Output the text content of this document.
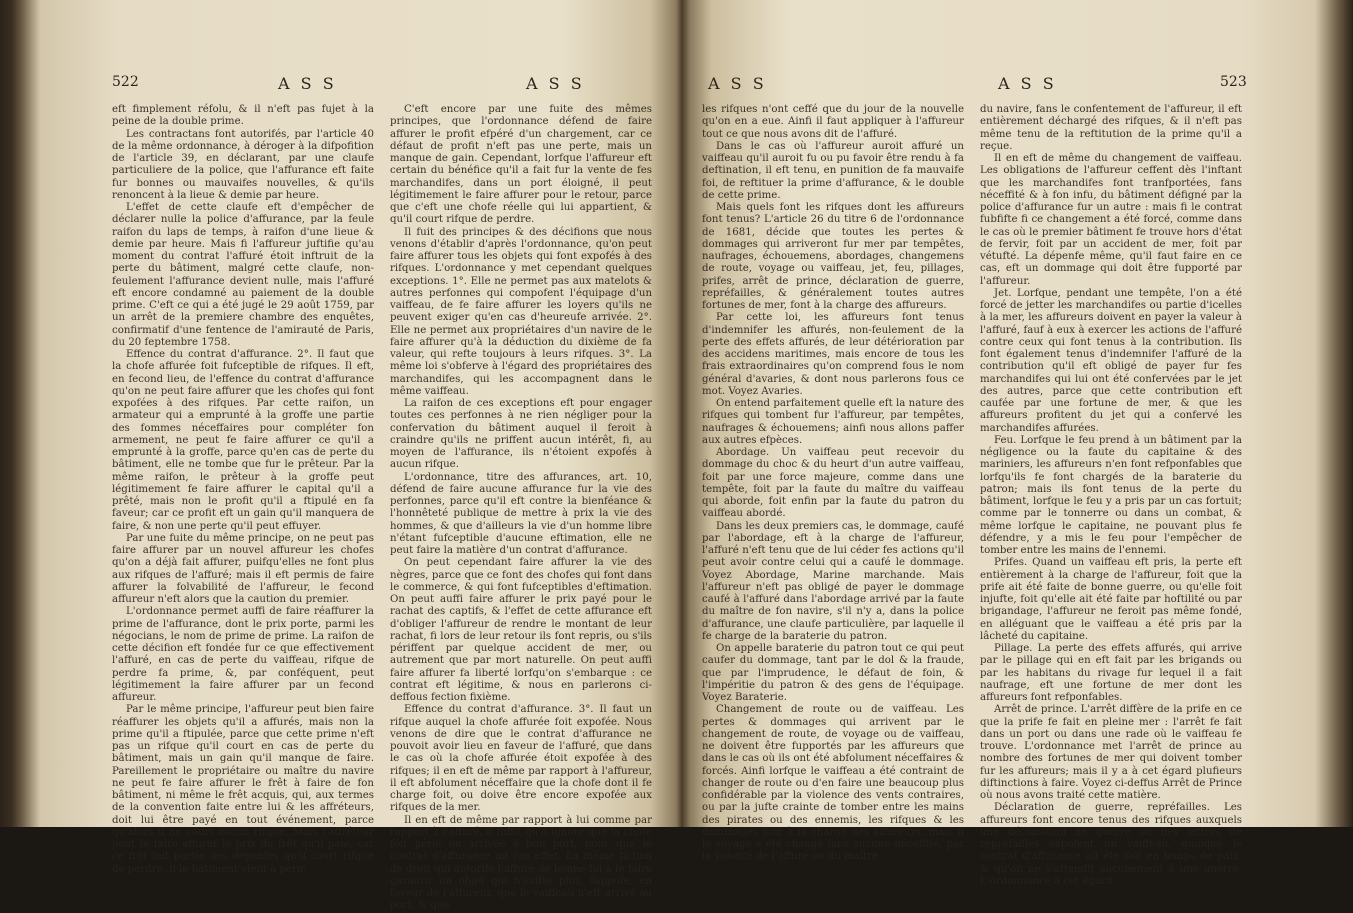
522	A S S	A S S

eft fimplement réfolu, & il n'eft pas fujet à la peine de la double prime.

Les contractans font autorifés, par l'article 40 de la même ordonnance, à déroger à la difpofition de l'article 39, en déclarant, par une claufe particuliere de la police, que l'affurance eft faite fur bonnes ou mauvaifes nouvelles, & qu'ils renoncent à la lieue & demie par heure.

L'effet de cette claufe eft d'empêcher de déclarer nulle la police d'affurance, par la feule raifon du laps de temps, à raifon d'une lieue & demie par heure. Mais fi l'affureur juftifie qu'au moment du contrat l'affuré étoit inftruit de la perte du bâtiment, malgré cette claufe, non-feulement l'affurance devient nulle, mais l'affuré eft encore condamné au paiement de la double prime. C'eft ce qui a été jugé le 29 août 1759, par un arrêt de la premiere chambre des enquêtes, confirmatif d'une fentence de l'amirauté de Paris, du 20 feptembre 1758.

Effence du contrat d'affurance. 2°. Il faut que la chofe affurée foit fufceptible de rifques. Il eft, en fecond lieu, de l'effence du contrat d'affurance qu'on ne peut faire affurer que les chofes qui font expofées à des rifques. Par cette raifon, un armateur qui a emprunté à la groffe une partie des fommes néceffaires pour compléter fon armement, ne peut fe faire affurer ce qu'il a emprunté à la groffe, parce qu'en cas de perte du bâtiment, elle ne tombe que fur le prêteur. Par la même raifon, le prêteur à la groffe peut légitimement fe faire affurer le capital qu'il a prêté, mais non le profit qu'il a ftipulé en fa faveur; car ce profit eft un gain qu'il manquera de faire, & non une perte qu'il peut effuyer.

Par une fuite du même principe, on ne peut pas faire affurer par un nouvel affureur les chofes qu'on a déjà fait affurer, puifqu'elles ne font plus aux rifques de l'affuré; mais il eft permis de faire affurer la folvabilité de l'affureur, le fecond affureur n'eft alors que la caution du premier.

L'ordonnance permet auffi de faire réaffurer la prime de l'affurance, dont le prix porte, parmi les négocians, le nom de prime de prime. La raifon de cette décifion eft fondée fur ce que effectivement l'affuré, en cas de perte du vaiffeau, rifque de perdre fa prime, &, par conféquent, peut légitimement la faire affurer par un fecond affureur.

Par le même principe, l'affureur peut bien faire réaffurer les objets qu'il a affurés, mais non la prime qu'il a ftipulée, parce que cette prime n'eft pas un rifque qu'il court en cas de perte du bâtiment, mais un gain qu'il manque de faire. Pareillement le propriétaire ou maître du navire ne peut fe faire affurer le frêt à faire de fon bâtiment, ni même le frêt acquis, qui, aux termes de la convention faite entre lui & les affréteurs, doit lui être payé en tout événement, parce qu'alors il ne court aucun rifque. Mais l'affréteur peut fe faire affurer le prix du frêt qu'il paie, car ce frêt fait partie des dépenfes qu'il court rifque de perdre, fi le bâtiment vient à périr.

C'eft encore par une fuite des mêmes principes, que l'ordonnance défend de faire affurer le profit efpéré d'un chargement, car ce défaut de profit n'eft pas une perte, mais un manque de gain. Cependant, lorfque l'affureur eft certain du bénéfice qu'il a fait fur la vente de fes marchandifes, dans un port éloigné, il peut légitimement le faire affurer pour le retour, parce que c'eft une chofe réelle qui lui appartient, & qu'il court rifque de perdre.

Il fuit des principes & des décifions que nous venons d'établir d'après l'ordonnance, qu'on peut faire affurer tous les objets qui font expofés à des rifques. L'ordonnance y met cependant quelques exceptions. 1°. Elle ne permet pas aux matelots & autres perfonnes qui compofent l'équipage d'un vaiffeau, de fe faire affurer les loyers qu'ils ne peuvent exiger qu'en cas d'heureufe arrivée. 2°. Elle ne permet aux propriétaires d'un navire de le faire affurer qu'à la déduction du dixième de fa valeur, qui refte toujours à leurs rifques. 3°. La même loi s'obferve à l'égard des propriétaires des marchandifes, qui les accompagnent dans le même vaiffeau.

La raifon de ces exceptions eft pour engager toutes ces perfonnes à ne rien négliger pour la confervation du bâtiment auquel il feroit à craindre qu'ils ne priffent aucun intérêt, fi, au moyen de l'affurance, ils n'étoient expofés à aucun rifque.

L'ordonnance, titre des affurances, art. 10, défend de faire aucune affurance fur la vie des perfonnes, parce qu'il eft contre la bienféance & l'honnêteté publique de mettre à prix la vie des hommes, & que d'ailleurs la vie d'un homme libre n'étant fufceptible d'aucune eftimation, elle ne peut faire la matière d'un contrat d'affurance.

On peut cependant faire affurer la vie des nègres, parce que ce font des chofes qui font dans le commerce, & qui font fufceptibles d'eftimation. On peut auffi faire affurer le prix payé pour le rachat des captifs, & l'effet de cette affurance eft d'obliger l'affureur de rendre le montant de leur rachat, fi lors de leur retour ils font repris, ou s'ils périffent par quelque accident de mer, ou autrement que par mort naturelle. On peut auffi faire affurer fa liberté lorfqu'on s'embarque : ce contrat eft légitime, & nous en parlerons ci-deffous fection fixième.

Effence du contrat d'affurance. 3°. Il faut un rifque auquel la chofe affurée foit expofée. Nous venons de dire que le contrat d'affurance ne pouvoit avoir lieu en faveur de l'affuré, que dans le cas où la chofe affurée étoit expofée à des rifques; il en eft de même par rapport à l'affureur, il eft abfolument néceffaire que la chofe dont il fe charge foit, ou doive être encore expofée aux rifques de la mer.

Il en eft de même par rapport à lui comme par rapport à l'affuré, il fuffit qu'il ignore que la chofe foit périe ou arrivée à bon port, pour que le contrat d'affurance ait fon effet. La même fiction de droit qui autorife l'affuré de bonne foi à fe faire garantir un objet qui n'exifte plus, fuppofe, en faveur de l'affureur, que le vaiffeau n'eft arrivé au port, & que

A S S	A S S	523

les rifques n'ont ceffé que du jour de la nouvelle qu'on en a eue. Ainfi il faut appliquer à l'affureur tout ce que nous avons dit de l'affuré.

Dans le cas où l'affureur auroit affuré un vaiffeau qu'il auroit fu ou pu favoir être rendu à fa deftination, il eft tenu, en punition de fa mauvaife foi, de reftituer la prime d'affurance, & le double de cette prime.

Mais quels font les rifques dont les affureurs font tenus? L'article 26 du titre 6 de l'ordonnance de 1681, décide que toutes les pertes & dommages qui arriveront fur mer par tempêtes, naufrages, échouemens, abordages, changemens de route, voyage ou vaiffeau, jet, feu, pillages, prifes, arrêt de prince, déclaration de guerre, repréfailles, & généralement toutes autres fortunes de mer, font à la charge des affureurs.

Par cette loi, les affureurs font tenus d'indemnifer les affurés, non-feulement de la perte des effets affurés, de leur détérioration par des accidens maritimes, mais encore de tous les frais extraordinaires qu'on comprend fous le nom général d'avaries, & dont nous parlerons fous ce mot. Voyez Avaries.

On entend parfaitement quelle eft la nature des rifques qui tombent fur l'affureur, par tempêtes, naufrages & échouemens; ainfi nous allons paffer aux autres efpèces.

Abordage. Un vaiffeau peut recevoir du dommage du choc & du heurt d'un autre vaiffeau, foit par une force majeure, comme dans une tempête, foit par la faute du maître du vaiffeau qui aborde, foit enfin par la faute du patron du vaiffeau abordé.

Dans les deux premiers cas, le dommage, caufé par l'abordage, eft à la charge de l'affureur, l'affuré n'eft tenu que de lui céder fes actions qu'il peut avoir contre celui qui a caufé le dommage. Voyez Abordage, Marine marchande. Mais l'affureur n'eft pas obligé de payer le dommage caufé à l'affuré dans l'abordage arrivé par la faute du maître de fon navire, s'il n'y a, dans la police d'affurance, une claufe particulière, par laquelle il fe charge de la baraterie du patron.

On appelle baraterie du patron tout ce qui peut caufer du dommage, tant par le dol & la fraude, que par l'imprudence, le défaut de foin, & l'impéritie du patron & des gens de l'équipage. Voyez Baraterie.

Changement de route ou de vaiffeau. Les pertes & dommages qui arrivent par le changement de route, de voyage ou de vaiffeau, ne doivent être fupportés par les affureurs que dans le cas où ils ont été abfolument néceffaires & forcés. Ainfi lorfque le vaiffeau a été contraint de changer de route ou d'en faire une beaucoup plus confidérable par la violence des vents contraires, ou par la jufte crainte de tomber entre les mains des pirates ou des ennemis, les rifques & les dommages font à la charge des affureurs; mais fi le voyage a été changé fans aucune néceffité, par la volonté de l'affuré ou du maître

du navire, fans le confentement de l'affureur, il eft entièrement déchargé des rifques, & il n'eft pas même tenu de la reftitution de la prime qu'il a reçue.

Il en eft de même du changement de vaiffeau. Les obligations de l'affureur ceffent dès l'inftant que les marchandifes font tranfportées, fans néceffité & à fon infu, du bâtiment défigné par la police d'affurance fur un autre : mais fi le contrat fubfifte fi ce changement a été forcé, comme dans le cas où le premier bâtiment fe trouve hors d'état de fervir, foit par un accident de mer, foit par vétufté. La dépenfe même, qu'il faut faire en ce cas, eft un dommage qui doit être fupporté par l'affureur.

Jet. Lorfque, pendant une tempête, l'on a été forcé de jetter les marchandifes ou partie d'icelles à la mer, les affureurs doivent en payer la valeur à l'affuré, fauf à eux à exercer les actions de l'affuré contre ceux qui font tenus à la contribution. Ils font également tenus d'indemnifer l'affuré de la contribution qu'il eft obligé de payer fur fes marchandifes qui lui ont été confervées par le jet des autres, parce que cette contribution eft caufée par une fortune de mer, & que les affureurs profitent du jet qui a confervé les marchandifes affurées.

Feu. Lorfque le feu prend à un bâtiment par la négligence ou la faute du capitaine & des mariniers, les affureurs n'en font refponfables que lorfqu'ils fe font chargés de la baraterie du patron; mais ils font tenus de la perte du bâtiment, lorfque le feu y a pris par un cas fortuit; comme par le tonnerre ou dans un combat, & même lorfque le capitaine, ne pouvant plus fe défendre, y a mis le feu pour l'empêcher de tomber entre les mains de l'ennemi.

Prifes. Quand un vaiffeau eft pris, la perte eft entièrement à la charge de l'affureur, foit que la prife ait été faite de bonne guerre, ou qu'elle foit injufte, foit qu'elle ait été faite par hoftilité ou par brigandage, l'affureur ne feroit pas même fondé, en alléguant que le vaiffeau a été pris par la lâcheté du capitaine.

Pillage. La perte des effets affurés, qui arrive par le pillage qui en eft fait par les brigands ou par les habitans du rivage fur lequel il a fait naufrage, eft une fortune de mer dont les affureurs font refponfables.

Arrêt de prince. L'arrêt diffère de la prife en ce que la prife fe fait en pleine mer : l'arrêt fe fait dans un port ou dans une rade où le vaiffeau fe trouve. L'ordonnance met l'arrêt de prince au nombre des fortunes de mer qui doivent tomber fur les affureurs; mais il y a à cet égard plufieurs diftinctions à faire. Voyez ci-deffus Arrêt de Prince où nous avons traité cette matière.

Déclaration de guerre, repréfailles. Les affureurs font encore tenus des rifques auxquels une déclaration de guerre ou des lettres de repréfailles expofent un vaiffeau, quoique le contrat d'affurance ait été fait en temps de paix, & qu'on ne s'attendît aucunement à une guerre. L'ordonnance à cet égard
